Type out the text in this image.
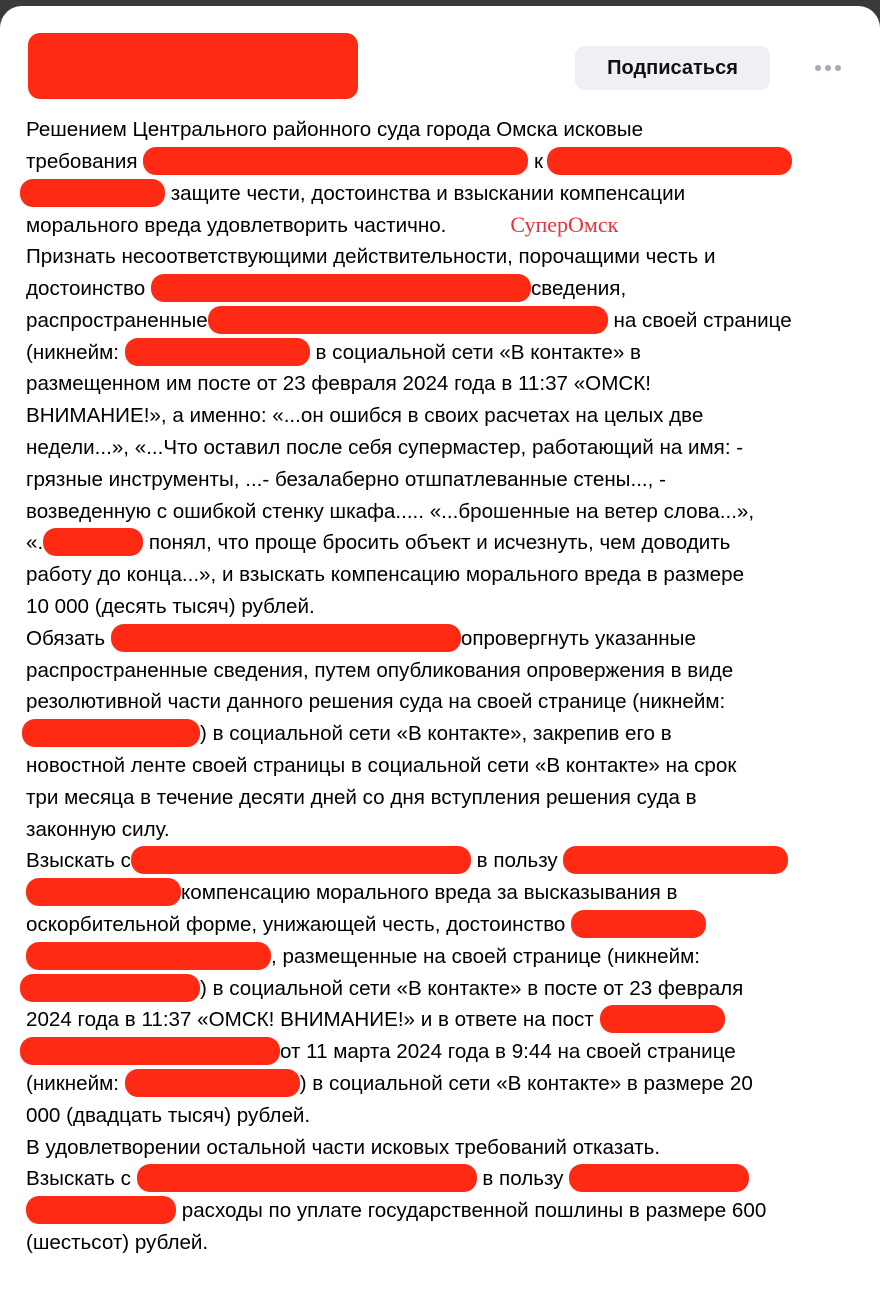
Подписаться
Решением Центрального районного суда города Омска исковые
требования	к
защите чести, достоинства и взыскании компенсации
морального вреда удовлетворить частично.	СуперОмск
Признать несоответствующими действительности, порочащими честь и
достоинство	сведения,
распространенные	на своей странице
(никнейм:	в социальной сети «В контакте» в
размещенном им посте от 23 февраля 2024 года в 11:37 «ОМСК!
ВНИМАНИЕ!», а именно: «...он ошибся в своих расчетах на целых две
недели...», «...Что оставил после себя супермастер, работающий на имя: -
грязные инструменты, ...- безалаберно отшпатлеванные стены..., -
возведенную с ошибкой стенку шкафа..... «...брошенные на ветер слова...»,
«.	понял, что проще бросить объект и исчезнуть, чем доводить
работу до конца...», и взыскать компенсацию морального вреда в размере
10 000 (десять тысяч) рублей.
Обязать	опровергнуть указанные
распространенные сведения, путем опубликования опровержения в виде
резолютивной части данного решения суда на своей странице (никнейм:
) в социальной сети «В контакте», закрепив его в
новостной ленте своей страницы в социальной сети «В контакте» на срок
три месяца в течение десяти дней со дня вступления решения суда в
законную силу.
Взыскать с	в пользу
компенсацию морального вреда за высказывания в
оскорбительной форме, унижающей честь, достоинство
, размещенные на своей странице (никнейм:
) в социальной сети «В контакте» в посте от 23 февраля
2024 года в 11:37 «ОМСК! ВНИМАНИЕ!» и в ответе на пост
от 11 марта 2024 года в 9:44 на своей странице
(никнейм:	) в социальной сети «В контакте» в размере 20
000 (двадцать тысяч) рублей.
В удовлетворении остальной части исковых требований отказать.
Взыскать с	в пользу
расходы по уплате государственной пошлины в размере 600
(шестьсот) рублей.
